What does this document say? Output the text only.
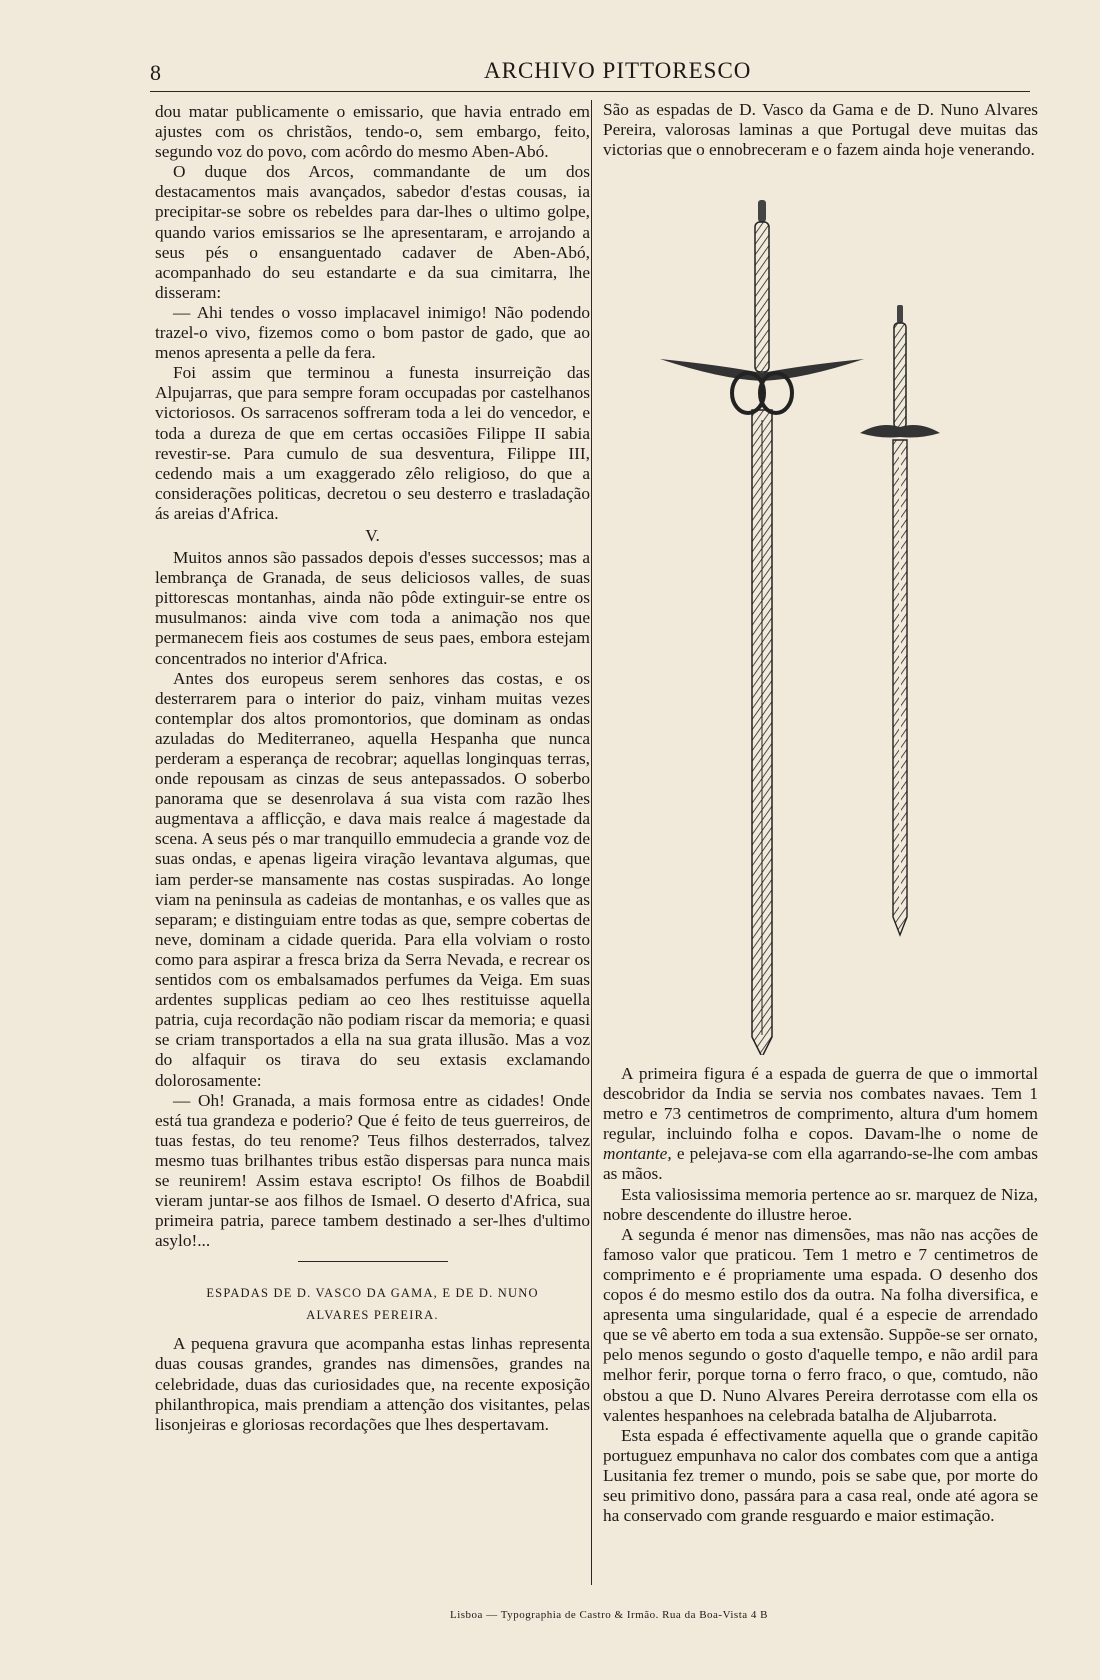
8	ARCHIVO PITTORESCO

dou matar publicamente o emissario, que havia entrado em ajustes com os christãos, tendo-o, sem embargo, feito, segundo voz do povo, com acôrdo do mesmo Aben-Abó.

O duque dos Arcos, commandante de um dos destacamentos mais avançados, sabedor d'estas cousas, ia precipitar-se sobre os rebeldes para dar-lhes o ultimo golpe, quando varios emissarios se lhe apresentaram, e arrojando a seus pés o ensanguentado cadaver de Aben-Abó, acompanhado do seu estandarte e da sua cimitarra, lhe disseram:

— Ahi tendes o vosso implacavel inimigo! Não podendo trazel-o vivo, fizemos como o bom pastor de gado, que ao menos apresenta a pelle da fera.

Foi assim que terminou a funesta insurreição das Alpujarras, que para sempre foram occupadas por castelhanos victoriosos. Os sarracenos soffreram toda a lei do vencedor, e toda a dureza de que em certas occasiões Filippe II sabia revestir-se. Para cumulo de sua desventura, Filippe III, cedendo mais a um exaggerado zêlo religioso, do que a considerações politicas, decretou o seu desterro e trasladação ás areias d'Africa.

V.

Muitos annos são passados depois d'esses successos; mas a lembrança de Granada, de seus deliciosos valles, de suas pittorescas montanhas, ainda não pôde extinguir-se entre os musulmanos: ainda vive com toda a animação nos que permanecem fieis aos costumes de seus paes, embora estejam concentrados no interior d'Africa.

Antes dos europeus serem senhores das costas, e os desterrarem para o interior do paiz, vinham muitas vezes contemplar dos altos promontorios, que dominam as ondas azuladas do Mediterraneo, aquella Hespanha que nunca perderam a esperança de recobrar; aquellas longinquas terras, onde repousam as cinzas de seus antepassados. O soberbo panorama que se desenrolava á sua vista com razão lhes augmentava a afflicção, e dava mais realce á magestade da scena. A seus pés o mar tranquillo emmudecia a grande voz de suas ondas, e apenas ligeira viração levantava algumas, que iam perder-se mansamente nas costas suspiradas. Ao longe viam na peninsula as cadeias de montanhas, e os valles que as separam; e distinguiam entre todas as que, sempre cobertas de neve, dominam a cidade querida. Para ella volviam o rosto como para aspirar a fresca briza da Serra Nevada, e recrear os sentidos com os embalsamados perfumes da Veiga. Em suas ardentes supplicas pediam ao ceo lhes restituisse aquella patria, cuja recordação não podiam riscar da memoria; e quasi se criam transportados a ella na sua grata illusão. Mas a voz do alfaquir os tirava do seu extasis exclamando dolorosamente:

— Oh! Granada, a mais formosa entre as cidades! Onde está tua grandeza e poderio? Que é feito de teus guerreiros, de tuas festas, do teu renome? Teus filhos desterrados, talvez mesmo tuas brilhantes tribus estão dispersas para nunca mais se reunirem! Assim estava escripto! Os filhos de Boabdil vieram juntar-se aos filhos de Ismael. O deserto d'Africa, sua primeira patria, parece tambem destinado a ser-lhes d'ultimo asylo!...

ESPADAS DE D. VASCO DA GAMA, E DE D. NUNO
ALVARES PEREIRA.

A pequena gravura que acompanha estas linhas representa duas cousas grandes, grandes nas dimensões, grandes na celebridade, duas das curiosidades que, na recente exposição philanthropica, mais prendiam a attenção dos visitantes, pelas lisonjeiras e gloriosas recordações que lhes despertavam.

São as espadas de D. Vasco da Gama e de D. Nuno Alvares Pereira, valorosas laminas a que Portugal deve muitas das victorias que o ennobreceram e o fazem ainda hoje venerando.

A primeira figura é a espada de guerra de que o immortal descobridor da India se servia nos combates navaes. Tem 1 metro e 73 centimetros de comprimento, altura d'um homem regular, incluindo folha e copos. Davam-lhe o nome de montante, e pelejava-se com ella agarrando-se-lhe com ambas as mãos.

Esta valiosissima memoria pertence ao sr. marquez de Niza, nobre descendente do illustre heroe.

A segunda é menor nas dimensões, mas não nas acções de famoso valor que praticou. Tem 1 metro e 7 centimetros de comprimento e é propriamente uma espada. O desenho dos copos é do mesmo estilo dos da outra. Na folha diversifica, e apresenta uma singularidade, qual é a especie de arrendado que se vê aberto em toda a sua extensão. Suppõe-se ser ornato, pelo menos segundo o gosto d'aquelle tempo, e não ardil para melhor ferir, porque torna o ferro fraco, o que, comtudo, não obstou a que D. Nuno Alvares Pereira derrotasse com ella os valentes hespanhoes na celebrada batalha de Aljubarrota.

Esta espada é effectivamente aquella que o grande capitão portuguez empunhava no calor dos combates com que a antiga Lusitania fez tremer o mundo, pois se sabe que, por morte do seu primitivo dono, passára para a casa real, onde até agora se ha conservado com grande resguardo e maior estimação.

Lisboa — Typographia de Castro & Irmão. Rua da Boa-Vista 4 B
